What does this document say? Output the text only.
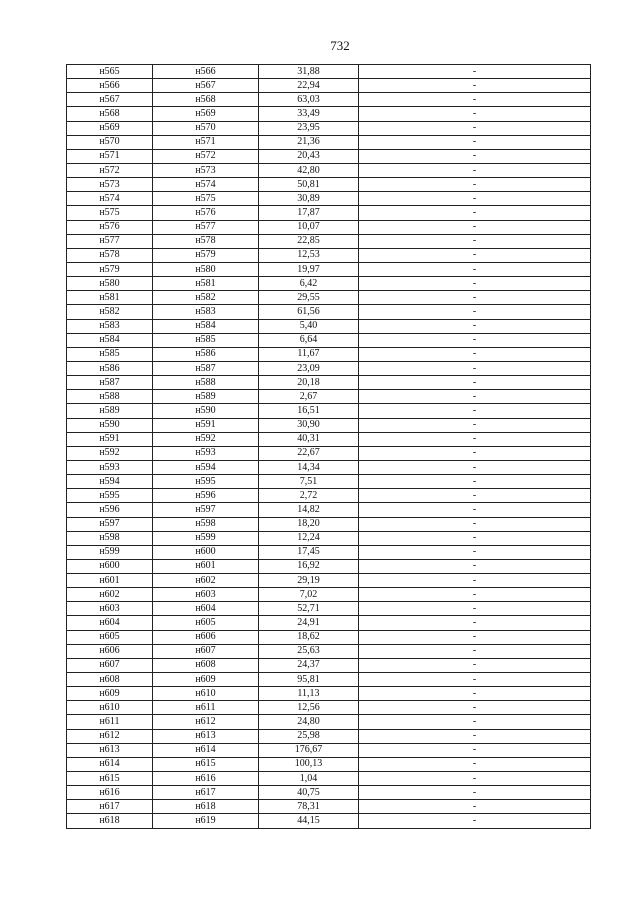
732
н565	н566	31,88	-
н566	н567	22,94	-
н567	н568	63,03	-
н568	н569	33,49	-
н569	н570	23,95	-
н570	н571	21,36	-
н571	н572	20,43	-
н572	н573	42,80	-
н573	н574	50,81	-
н574	н575	30,89	-
н575	н576	17,87	-
н576	н577	10,07	-
н577	н578	22,85	-
н578	н579	12,53	-
н579	н580	19,97	-
н580	н581	6,42	-
н581	н582	29,55	-
н582	н583	61,56	-
н583	н584	5,40	-
н584	н585	6,64	-
н585	н586	11,67	-
н586	н587	23,09	-
н587	н588	20,18	-
н588	н589	2,67	-
н589	н590	16,51	-
н590	н591	30,90	-
н591	н592	40,31	-
н592	н593	22,67	-
н593	н594	14,34	-
н594	н595	7,51	-
н595	н596	2,72	-
н596	н597	14,82	-
н597	н598	18,20	-
н598	н599	12,24	-
н599	н600	17,45	-
н600	н601	16,92	-
н601	н602	29,19	-
н602	н603	7,02	-
н603	н604	52,71	-
н604	н605	24,91	-
н605	н606	18,62	-
н606	н607	25,63	-
н607	н608	24,37	-
н608	н609	95,81	-
н609	н610	11,13	-
н610	н611	12,56	-
н611	н612	24,80	-
н612	н613	25,98	-
н613	н614	176,67	-
н614	н615	100,13	-
н615	н616	1,04	-
н616	н617	40,75	-
н617	н618	78,31	-
н618	н619	44,15	-
